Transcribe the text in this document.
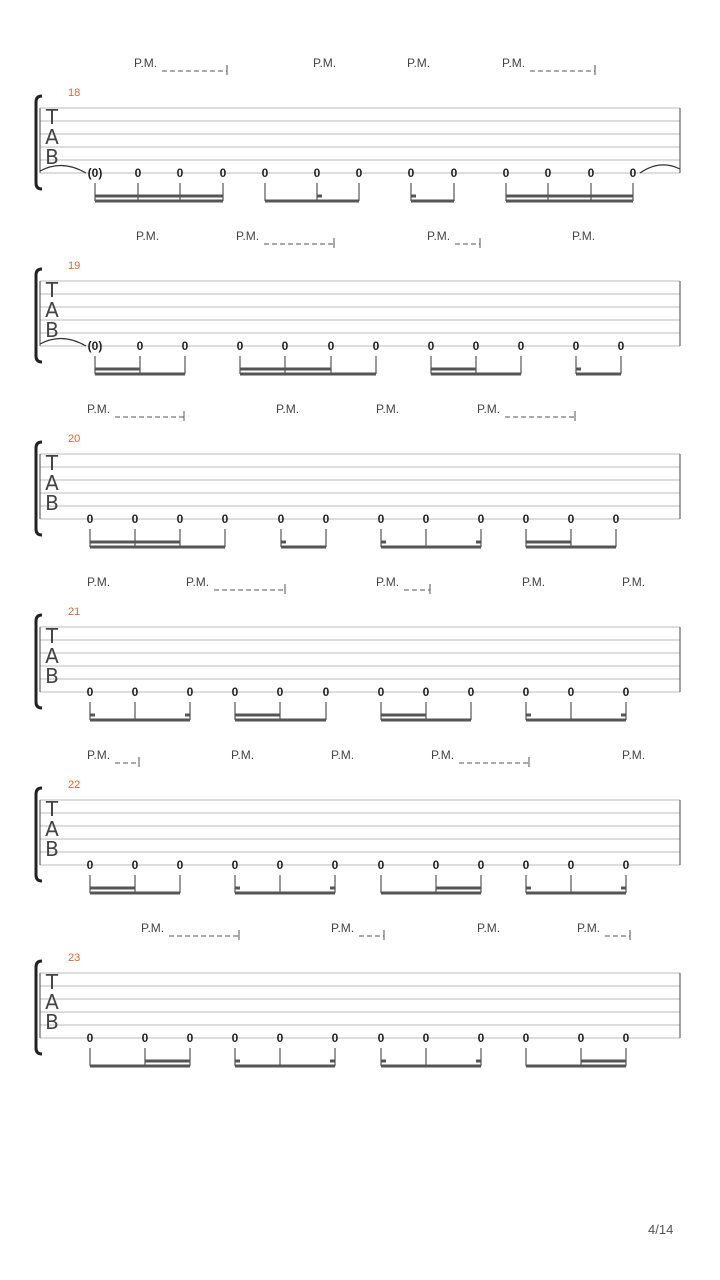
P.M.	P.M.	P.M.	P.M.
18
T
A
B
(0)	0	0	0	0	0	0	0	0	0	0	0	0
P.M.	P.M.	P.M.	P.M.
19
T
A
B
(0)	0	0	0	0	0	0	0	0	0	0	0
P.M.	P.M.	P.M.	P.M.
20
T
A
B
0	0	0	0	0	0	0	0	0	0	0	0
P.M.	P.M.	P.M.	P.M.	P.M.
21
T
A
B
0	0	0	0	0	0	0	0	0	0	0	0
P.M.	P.M.	P.M.	P.M.	P.M.
22
T
A
B
0	0	0	0	0	0	0	0	0	0	0	0
P.M.	P.M.	P.M.	P.M.
23
T
A
B
0	0	0	0	0	0	0	0	0	0	0	0
4/14
